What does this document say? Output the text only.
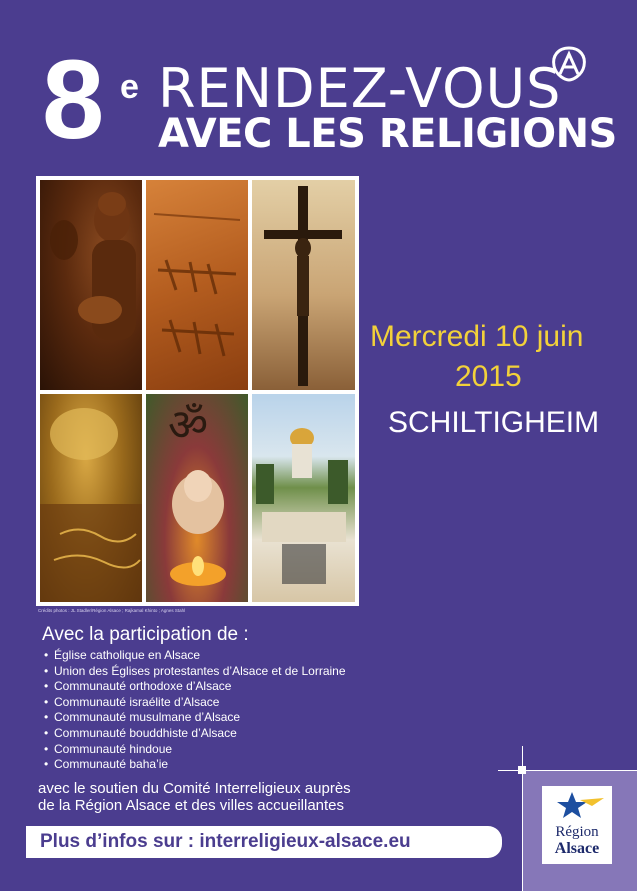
8 e RENDEZ-VOUS
AVEC LES RELIGIONS
ॐ
Crédits photos : JL Stadler/Région Alsace ; Rajkamal Khinto ; Agnes Stahl
Mercredi 10 juin
2015
SCHILTIGHEIM
Avec la participation de :
• Église catholique en Alsace
• Union des Églises protestantes d’Alsace et de Lorraine
• Communauté orthodoxe d’Alsace
• Communauté israélite d’Alsace
• Communauté musulmane d’Alsace
• Communauté bouddhiste d’Alsace
• Communauté hindoue
• Communauté baha’ie
avec le soutien du Comité Interreligieux auprès
de la Région Alsace et des villes accueillantes
Plus d’infos sur : interreligieux-alsace.eu	Région
Alsace
